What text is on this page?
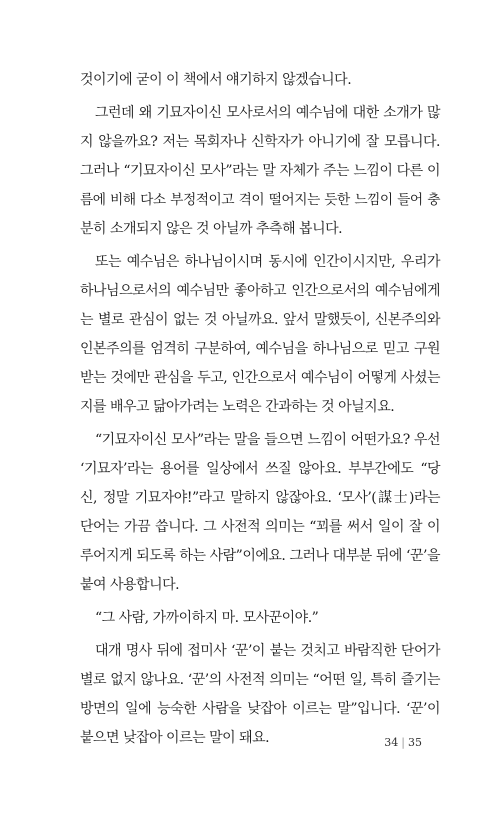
것이기에 굳이 이 책에서 얘기하지 않겠습니다.
그런데 왜 기묘자이신 모사로서의 예수님에 대한 소개가 많
지 않을까요? 저는 목회자나 신학자가 아니기에 잘 모릅니다.
그러나 “기묘자이신 모사”라는 말 자체가 주는 느낌이 다른 이
름에 비해 다소 부정적이고 격이 떨어지는 듯한 느낌이 들어 충
분히 소개되지 않은 것 아닐까 추측해 봅니다.
또는 예수님은 하나님이시며 동시에 인간이시지만, 우리가
하나님으로서의 예수님만 좋아하고 인간으로서의 예수님에게
는 별로 관심이 없는 것 아닐까요. 앞서 말했듯이, 신본주의와
인본주의를 엄격히 구분하여, 예수님을 하나님으로 믿고 구원
받는 것에만 관심을 두고, 인간으로서 예수님이 어떻게 사셨는
지를 배우고 닮아가려는 노력은 간과하는 것 아닐지요.
“기묘자이신 모사”라는 말을 들으면 느낌이 어떤가요? 우선
‘기묘자’라는 용어를 일상에서 쓰질 않아요. 부부간에도 “당
신, 정말 기묘자야!”라고 말하지 않잖아요. ‘모사’(謀士)라는
단어는 가끔 씁니다. 그 사전적 의미는 “꾀를 써서 일이 잘 이
루어지게 되도록 하는 사람”이에요. 그러나 대부분 뒤에 ‘꾼’을
붙여 사용합니다.
“그 사람, 가까이하지 마. 모사꾼이야.”
대개 명사 뒤에 접미사 ‘꾼’이 붙는 것치고 바람직한 단어가
별로 없지 않나요. ‘꾼’의 사전적 의미는 “어떤 일, 특히 즐기는
방면의 일에 능숙한 사람을 낮잡아 이르는 말”입니다. ‘꾼’이
붙으면 낮잡아 이르는 말이 돼요.	34 | 35
